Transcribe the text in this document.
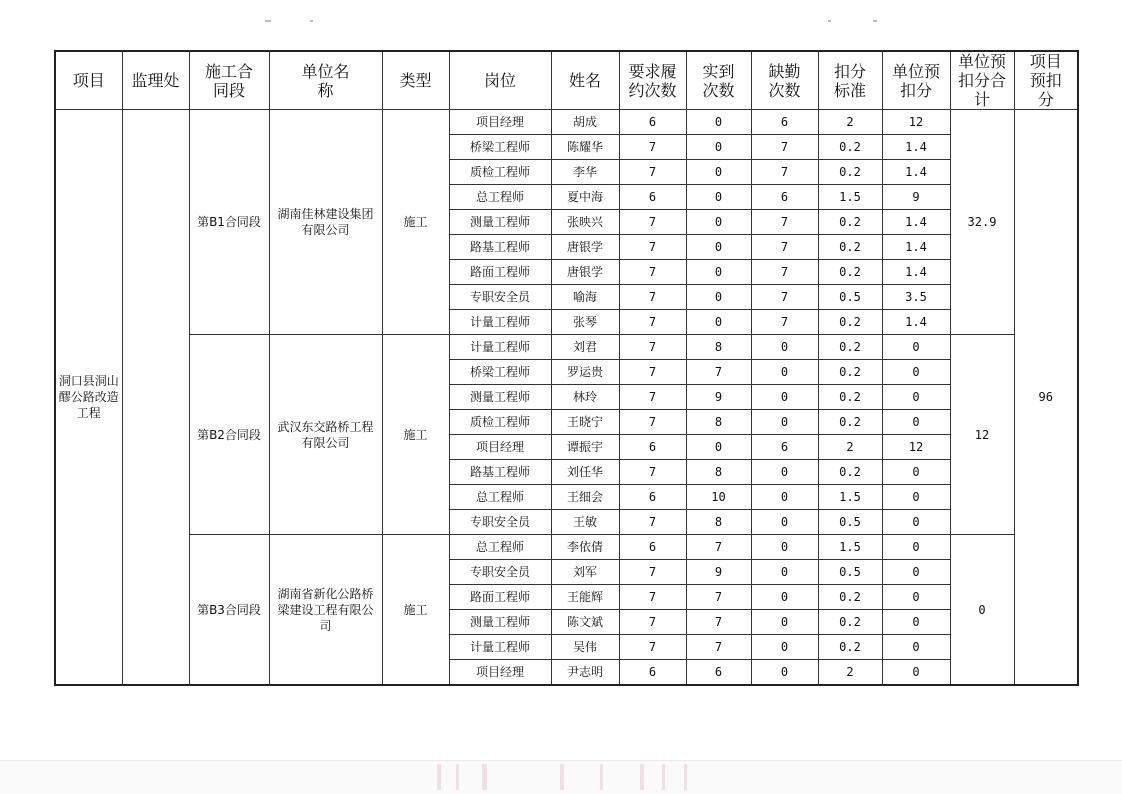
项目	监理处	施工合同段	单位名称	类型	岗位	姓名	要求履约次数	实到次数	缺勤次数	扣分标准	单位预扣分	单位预扣分合计	项目预扣分
洞口县洞山醪公路改造工程		第B1合同段	湖南佳林建设集团有限公司	施工	项目经理	胡成	6	0	6	2	12	32.9	96
					桥梁工程师	陈耀华	7	0	7	0.2	1.4		
					质检工程师	李华	7	0	7	0.2	1.4		
					总工程师	夏中海	6	0	6	1.5	9		
					测量工程师	张映兴	7	0	7	0.2	1.4		
					路基工程师	唐银学	7	0	7	0.2	1.4		
					路面工程师	唐银学	7	0	7	0.2	1.4		
					专职安全员	喻海	7	0	7	0.5	3.5		
					计量工程师	张琴	7	0	7	0.2	1.4		
		第B2合同段	武汉东交路桥工程有限公司	施工	计量工程师	刘君	7	8	0	0.2	0	12	
					桥梁工程师	罗运贵	7	7	0	0.2	0		
					测量工程师	林玲	7	9	0	0.2	0		
					质检工程师	王晓宁	7	8	0	0.2	0		
					项目经理	谭振宇	6	0	6	2	12		
					路基工程师	刘任华	7	8	0	0.2	0		
					总工程师	王细会	6	10	0	1.5	0		
					专职安全员	王敏	7	8	0	0.5	0		
		第B3合同段	湖南省新化公路桥梁建设工程有限公司	施工	总工程师	李依倩	6	7	0	1.5	0	0	
					专职安全员	刘军	7	9	0	0.5	0		
					路面工程师	王能辉	7	7	0	0.2	0		
					测量工程师	陈文斌	7	7	0	0.2	0		
					计量工程师	吴伟	7	7	0	0.2	0		
					项目经理	尹志明	6	6	0	2	0		
